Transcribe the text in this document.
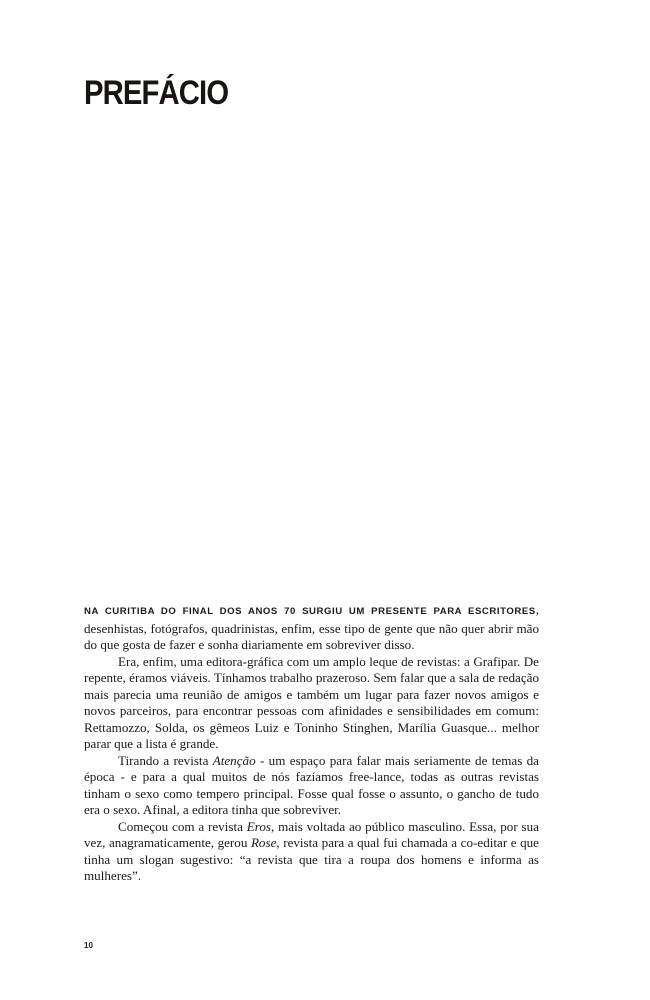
PREFÁCIO

NA CURITIBA DO FINAL DOS ANOS 70 SURGIU UM PRESENTE PARA ESCRITORES, desenhistas, fotógrafos, quadrinistas, enfim, esse tipo de gente que não quer abrir mão do que gosta de fazer e sonha diariamente em sobreviver disso.

Era, enfim, uma editora-gráfica com um amplo leque de revistas: a Grafipar. De repente, éramos viáveis. Tínhamos trabalho prazeroso. Sem falar que a sala de redação mais parecia uma reunião de amigos e também um lugar para fazer novos amigos e novos parceiros, para encontrar pessoas com afinidades e sensibilidades em comum: Rettamozzo, Solda, os gêmeos Luiz e Toninho Stinghen, Marília Guasque... melhor parar que a lista é grande.

Tirando a revista Atenção - um espaço para falar mais seriamente de temas da época - e para a qual muitos de nós fazíamos free-lance, todas as outras revistas tinham o sexo como tempero principal. Fosse qual fosse o assunto, o gancho de tudo era o sexo. Afinal, a editora tinha que sobreviver.

Começou com a revista Eros, mais voltada ao público masculino. Essa, por sua vez, anagramaticamente, gerou Rose, revista para a qual fui chamada a co-editar e que tinha um slogan sugestivo: “a revista que tira a roupa dos homens e informa as mulheres”.

10
